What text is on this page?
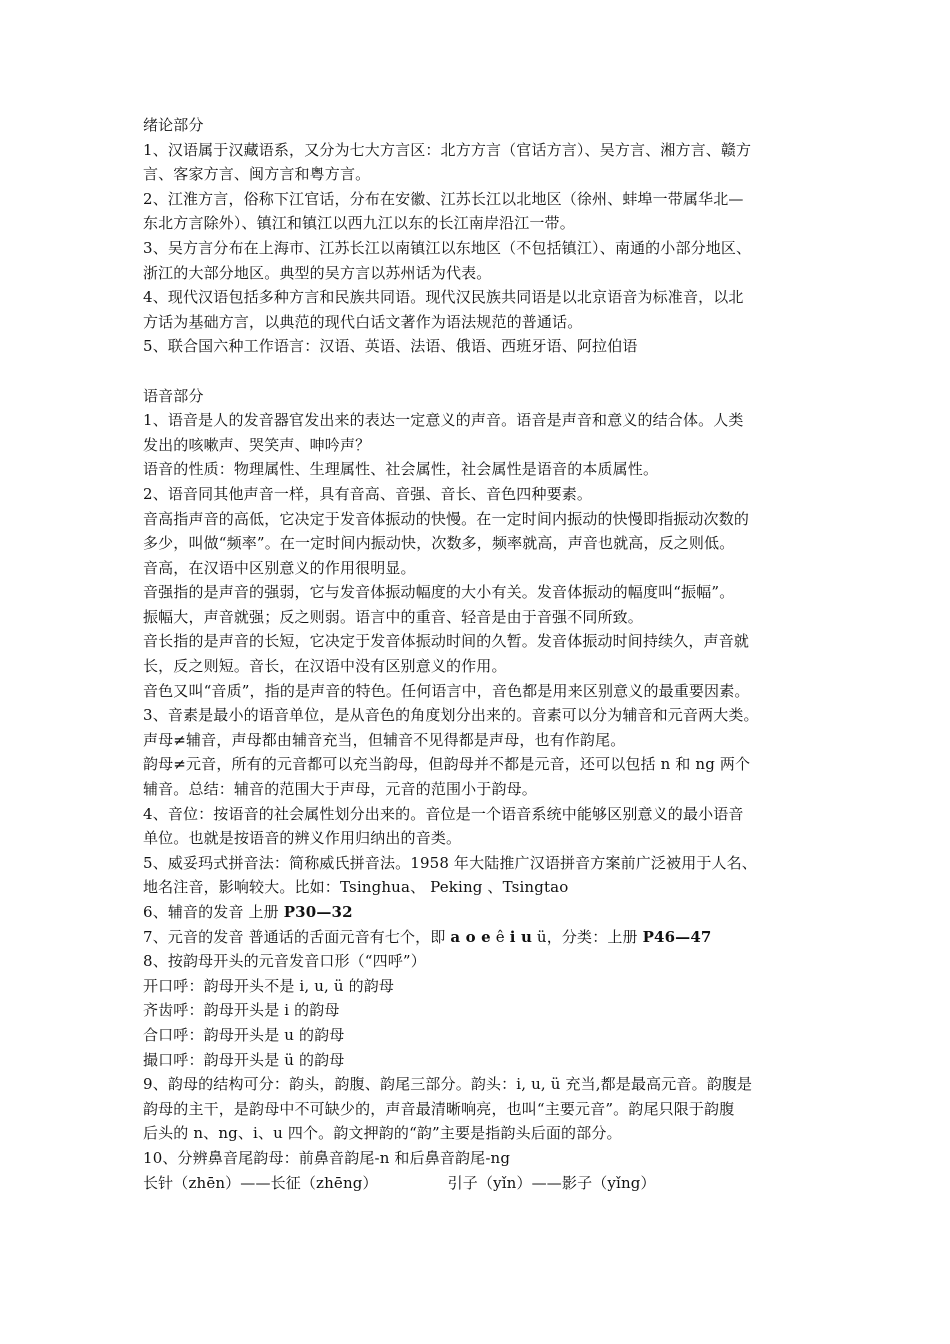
绪论部分
1、汉语属于汉藏语系，又分为七大方言区：北方方言（官话方言）、吴方言、湘方言、赣方
言、客家方言、闽方言和粤方言。
2、江淮方言，俗称下江官话，分布在安徽、江苏长江以北地区（徐州、蚌埠一带属华北—
东北方言除外）、镇江和镇江以西九江以东的长江南岸沿江一带。
3、吴方言分布在上海市、江苏长江以南镇江以东地区（不包括镇江）、南通的小部分地区、
浙江的大部分地区。典型的吴方言以苏州话为代表。
4、现代汉语包括多种方言和民族共同语。现代汉民族共同语是以北京语音为标准音，以北
方话为基础方言，以典范的现代白话文著作为语法规范的普通话。
5、联合国六种工作语言：汉语、英语、法语、俄语、西班牙语、阿拉伯语
语音部分
1、语音是人的发音器官发出来的表达一定意义的声音。语音是声音和意义的结合体。人类
发出的咳嗽声、哭笑声、呻吟声？
语音的性质：物理属性、生理属性、社会属性，社会属性是语音的本质属性。
2、语音同其他声音一样，具有音高、音强、音长、音色四种要素。
音高指声音的高低，它决定于发音体振动的快慢。在一定时间内振动的快慢即指振动次数的
多少，叫做“频率”。在一定时间内振动快，次数多，频率就高，声音也就高，反之则低。
音高，在汉语中区别意义的作用很明显。
音强指的是声音的强弱，它与发音体振动幅度的大小有关。发音体振动的幅度叫“振幅”。
振幅大，声音就强；反之则弱。语言中的重音、轻音是由于音强不同所致。
音长指的是声音的长短，它决定于发音体振动时间的久暂。发音体振动时间持续久，声音就
长，反之则短。音长，在汉语中没有区别意义的作用。
音色又叫“音质”，指的是声音的特色。任何语言中，音色都是用来区别意义的最重要因素。
3、音素是最小的语音单位，是从音色的角度划分出来的。音素可以分为辅音和元音两大类。
声母≠辅音，声母都由辅音充当，但辅音不见得都是声母，也有作韵尾。
韵母≠元音，所有的元音都可以充当韵母，但韵母并不都是元音，还可以包括 n 和 ng 两个
辅音。总结：辅音的范围大于声母，元音的范围小于韵母。
4、音位：按语音的社会属性划分出来的。音位是一个语音系统中能够区别意义的最小语音
单位。也就是按语音的辨义作用归纳出的音类。
5、威妥玛式拼音法：简称威氏拼音法。1958 年大陆推广汉语拼音方案前广泛被用于人名、
地名注音，影响较大。比如：Tsinghua、 Peking 、Tsingtao
6、辅音的发音 上册 P30—32
7、元音的发音 普通话的舌面元音有七个，即 a o e ê i u ü，分类：上册 P46—47
8、按韵母开头的元音发音口形（“四呼”）
开口呼：韵母开头不是 i, u, ü 的韵母
齐齿呼：韵母开头是 i 的韵母
合口呼：韵母开头是 u 的韵母
撮口呼：韵母开头是 ü 的韵母
9、韵母的结构可分：韵头，韵腹、韵尾三部分。韵头：i, u, ü 充当,都是最高元音。韵腹是
韵母的主干，是韵母中不可缺少的，声音最清晰响亮，也叫“主要元音”。韵尾只限于韵腹
后头的 n、ng、i、u 四个。韵文押韵的“韵”主要是指韵头后面的部分。
10、分辨鼻音尾韵母：前鼻音韵尾-n 和后鼻音韵尾-ng
长针（zhēn）——长征（zhēng）	引子（yǐn）——影子（yǐng）
